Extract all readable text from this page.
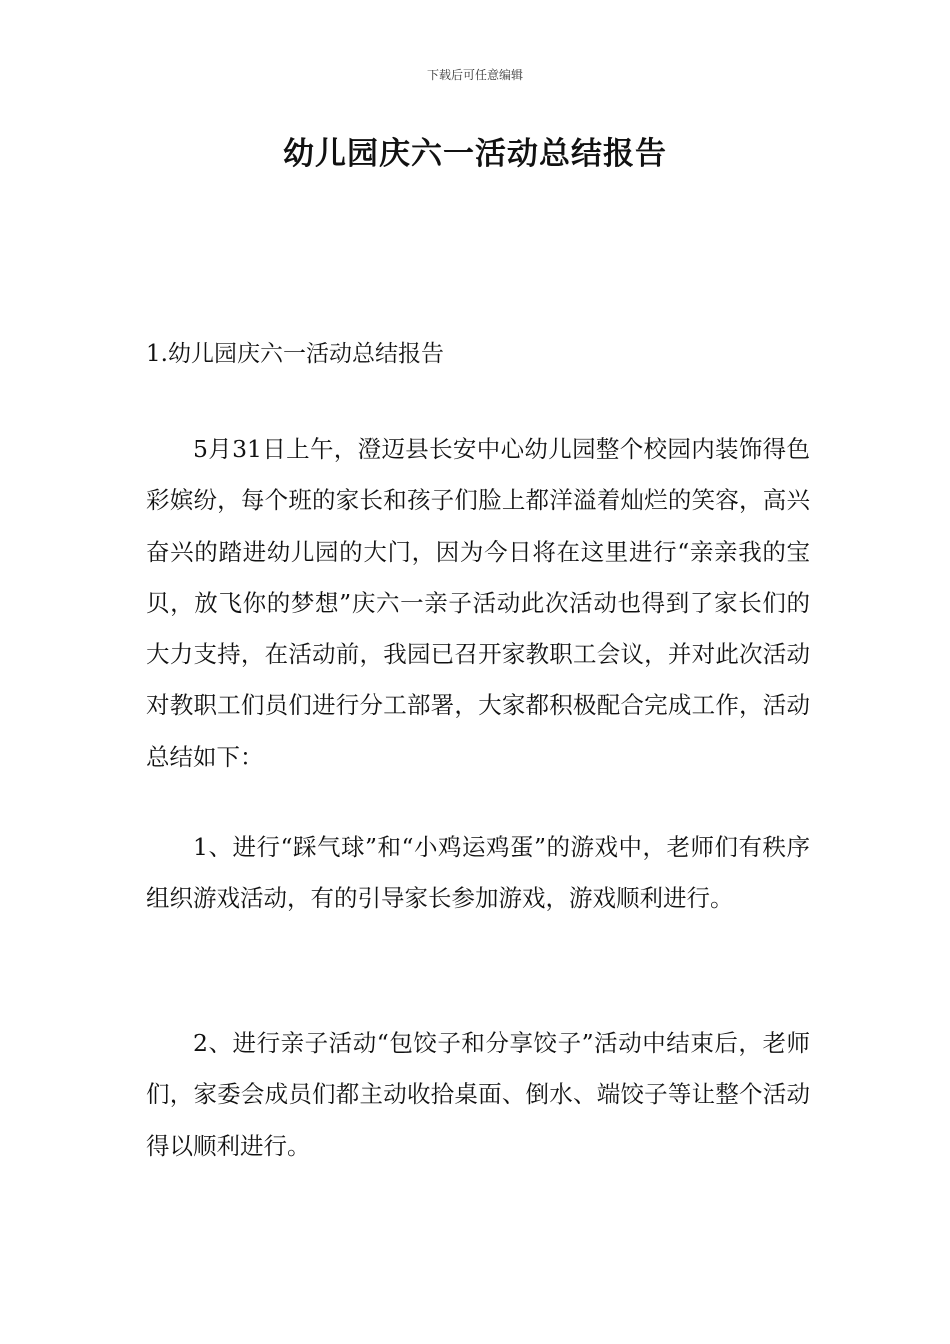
下载后可任意编辑
幼儿园庆六一活动总结报告
1.幼儿园庆六一活动总结报告

5月31日上午，澄迈县长安中心幼儿园整个校园内装饰得色彩嫔纷，每个班的家长和孩子们脸上都洋溢着灿烂的笑容，高兴奋兴的踏进幼儿园的大门，因为今日将在这里进行“亲亲我的宝贝，放飞你的梦想”庆六一亲子活动此次活动也得到了家长们的大力支持，在活动前，我园已召开家教职工会议，并对此次活动对教职工们员们进行分工部署，大家都积极配合完成工作，活动总结如下：

1、进行“踩气球”和“小鸡运鸡蛋”的游戏中，老师们有秩序组织游戏活动，有的引导家长参加游戏，游戏顺利进行。

2、进行亲子活动“包饺子和分享饺子”活动中结束后，老师们，家委会成员们都主动收拾桌面、倒水、端饺子等让整个活动得以顺利进行。
